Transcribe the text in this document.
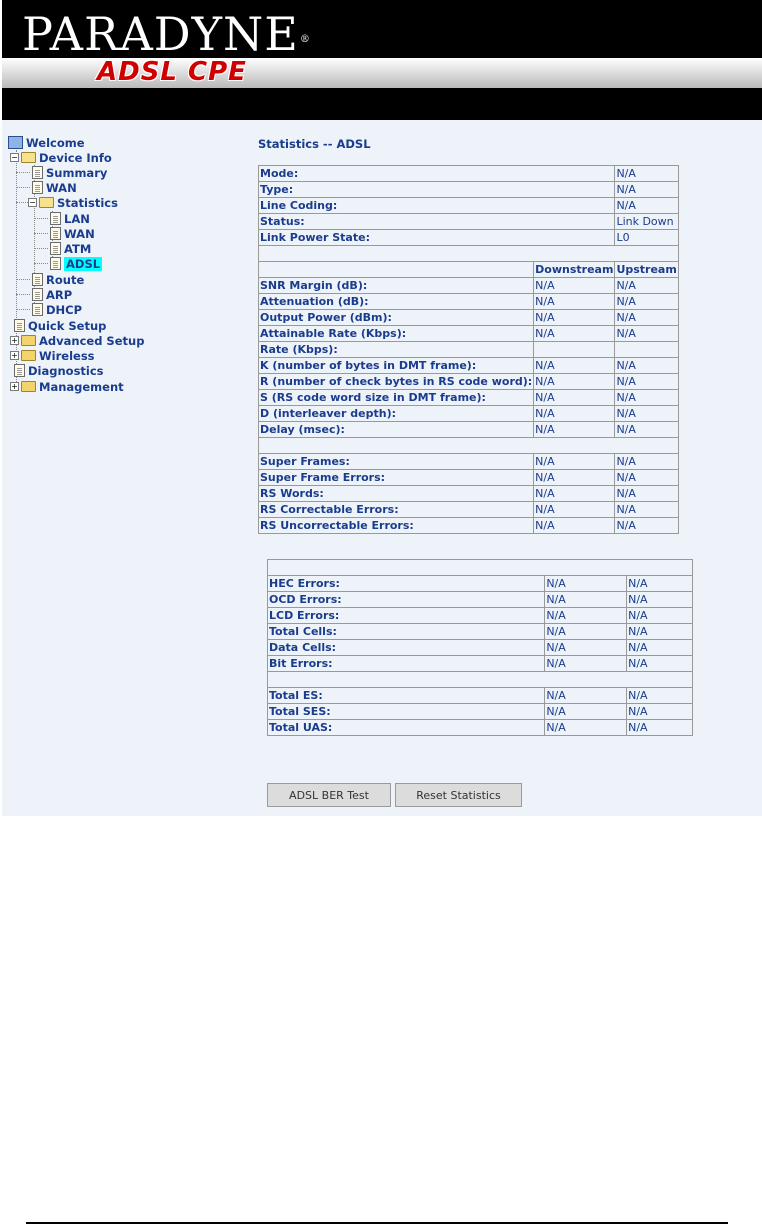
PARADYNE®
ADSL CPE
Welcome
− Device Info
Summary
WAN
− Statistics
LAN
WAN
ATM
ADSL
Route
ARP
DHCP
Quick Setup
+ Advanced Setup
+ Wireless
Diagnostics
+ Management
Statistics -- ADSL
Mode:		N/A
Type:		N/A
Line Coding:		N/A
Status:		Link Down
Link Power State:		L0

	Downstream	Upstream
SNR Margin (dB):	N/A	N/A
Attenuation (dB):	N/A	N/A
Output Power (dBm):	N/A	N/A
Attainable Rate (Kbps):	N/A	N/A
Rate (Kbps):		
K (number of bytes in DMT frame):	N/A	N/A
R (number of check bytes in RS code word):	N/A	N/A
S (RS code word size in DMT frame):	N/A	N/A
D (interleaver depth):	N/A	N/A
Delay (msec):	N/A	N/A

Super Frames:	N/A	N/A
Super Frame Errors:	N/A	N/A
RS Words:	N/A	N/A
RS Correctable Errors:	N/A	N/A
RS Uncorrectable Errors:	N/A	N/A

HEC Errors:	N/A	N/A
OCD Errors:	N/A	N/A
LCD Errors:	N/A	N/A
Total Cells:	N/A	N/A
Data Cells:	N/A	N/A
Bit Errors:	N/A	N/A

Total ES:	N/A	N/A
Total SES:	N/A	N/A
Total UAS:	N/A	N/A
ADSL BER Test	Reset Statistics
